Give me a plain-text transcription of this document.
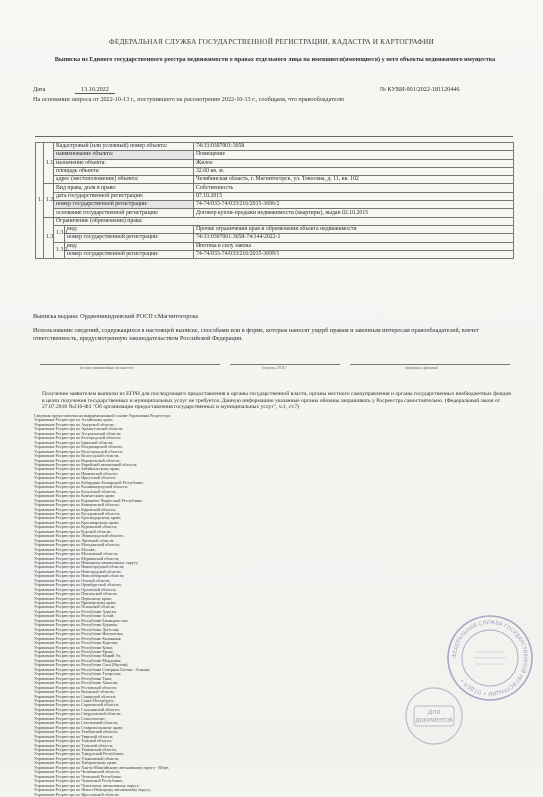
ФЕДЕРАЛЬНАЯ СЛУЖБА ГОСУДАРСТВЕННОЙ РЕГИСТРАЦИИ, КАДАСТРА И КАРТОГРАФИИ
Выписка из Единого государственного реестра недвижимости о правах отдельного лица на имевшиеся(имеющиеся) у него объекты недвижимого имущества
Дата	13.10.2022	№ КУВИ-001/2022-181120446
На основании запроса от 2022-10-13 г., поступившего на рассмотрение 2022-10-13 г., сообщаем, что правообладателю
1.	1.1.	Кадастровый (или условный) номер объекта:		74:33:0307001:3658
		наименование объекта:		Помещение
		назначение объекта:		Жилое
		площадь объекта:		32.60 кв. м.
		адрес (местоположение) объекта:		Челябинская область, г. Магнитогорск, ул. Тевосяна, д. 11, кв. 102
	1.2.	Вид права, доля в праве:		Собственность
		дата государственной регистрации:		07.10.2015
		номер государственной регистрации:		74-74/033-74/033/216/2015-3696/2
		основание государственной регистрации:		Договор купли-продажи недвижимости (квартиры), выдан 02.10.2015
	1.3.	Ограничение (обременение) права:		
		1.3.1.	вид:	Прочие ограничения прав и обременения объекта недвижимости
			номер государственной регистрации:	74:33:0307001:3658-74/144/2022-1
		1.3.2.	вид:	Ипотека в силу закона
			номер государственной регистрации:	74-74/033-74/033/216/2015-3699/1
Выписка выдана: Орджоникидзевский РОСП г.Магнитогорска
Использование сведений, содержащихся в настоящей выписке, способами или в форме, которые наносят ущерб правам и законным интересам правообладателей, влечет ответственность, предусмотренную законодательством Российской Федерации.
(полное наименование должности)	(подпись, М.П.)	(инициалы, фамилия)
Получение заявителем выписки из ЕГРН для последующего предоставления в органы государственной власти, органы местного самоуправления и органы государственных внебюджетных фондов в целях получения государственных и муниципальных услуг не требуется. Данную информацию указанные органы обязаны запрашивать у Росреестра самостоятельно. (Федеральный закон от 27.07.2010 №210-ФЗ "Об организации предоставления государственных и муниципальных услуг", ч.1, ст.7)
Сведения предоставлены на информационной основе Управления Росреестра:
Управление Росреестра по Алтайскому краю;
Управление Росреестра по Амурской области;
Управление Росреестра по Архангельской области;
Управление Росреестра по Астраханской области;
Управление Росреестра по Белгородской области;
Управление Росреестра по Брянской области;
Управление Росреестра по Владимирской области;
Управление Росреестра по Волгоградской области;
Управление Росреестра по Вологодской области;
Управление Росреестра по Воронежской области;
Управление Росреестра по Еврейской автономной области;
Управление Росреестра по Забайкальскому краю;
Управление Росреестра по Ивановской области;
Управление Росреестра по Иркутской области;
Управление Росреестра по Кабардино-Балкарской Республике;
Управление Росреестра по Калининградской области;
Управление Росреестра по Калужской области;
Управление Росреестра по Камчатскому краю;
Управление Росреестра по Карачаево-Черкесской Республике;
Управление Росреестра по Кемеровской области;
Управление Росреестра по Кировской области;
Управление Росреестра по Костромской области;
Управление Росреестра по Краснодарскому краю;
Управление Росреестра по Красноярскому краю;
Управление Росреестра по Курганской области;
Управление Росреестра по Курской области;
Управление Росреестра по Ленинградской области;
Управление Росреестра по Липецкой области;
Управление Росреестра по Магаданской области;
Управление Росреестра по Москве;
Управление Росреестра по Московской области;
Управление Росреестра по Мурманской области;
Управление Росреестра по Ненецкому автономному округу;
Управление Росреестра по Нижегородской области;
Управление Росреестра по Новгородской области;
Управление Росреестра по Новосибирской области;
Управление Росреестра по Омской области;
Управление Росреестра по Оренбургской области;
Управление Росреестра по Орловской области;
Управление Росреестра по Пензенской области;
Управление Росреестра по Пермскому краю;
Управление Росреестра по Приморскому краю;
Управление Росреестра по Псковской области;
Управление Росреестра по Республике Адыгея;
Управление Росреестра по Республике Алтай;
Управление Росреестра по Республике Башкортостан;
Управление Росреестра по Республике Бурятия;
Управление Росреестра по Республике Дагестан;
Управление Росреестра по Республике Ингушетия;
Управление Росреестра по Республике Калмыкия;
Управление Росреестра по Республике Карелия;
Управление Росреестра по Республике Коми;
Управление Росреестра по Республике Крым;
Управление Росреестра по Республике Марий Эл;
Управление Росреестра по Республике Мордовия;
Управление Росреестра по Республике Саха (Якутия);
Управление Росреестра по Республике Северная Осетия - Алания;
Управление Росреестра по Республике Татарстан;
Управление Росреестра по Республике Тыва;
Управление Росреестра по Республике Хакасия;
Управление Росреестра по Ростовской области;
Управление Росреестра по Рязанской области;
Управление Росреестра по Самарской области;
Управление Росреестра по Санкт-Петербургу;
Управление Росреестра по Саратовской области;
Управление Росреестра по Сахалинской области;
Управление Росреестра по Свердловской области;
Управление Росреестра по Севастополю;
Управление Росреестра по Смоленской области;
Управление Росреестра по Ставропольскому краю;
Управление Росреестра по Тамбовской области;
Управление Росреестра по Тверской области;
Управление Росреестра по Томской области;
Управление Росреестра по Тульской области;
Управление Росреестра по Тюменской области;
Управление Росреестра по Удмуртской Республике;
Управление Росреестра по Ульяновской области;
Управление Росреестра по Хабаровскому краю;
Управление Росреестра по Ханты-Мансийскому автономному округу - Югре;
Управление Росреестра по Челябинской области;
Управление Росреестра по Чеченской Республике;
Управление Росреестра по Чувашской Республике;
Управление Росреестра по Чукотскому автономному округу;
Управление Росреестра по Ямало-Ненецкому автономному округу;
Управление Росреестра по Ярославской области;
ФЕДЕРАЛЬНАЯ СЛУЖБА ГОСУДАРСТВЕННОЙ РЕГИСТРАЦИИ • ОТДЕЛ •
ДЛЯ
ДОКУМЕНТОВ
